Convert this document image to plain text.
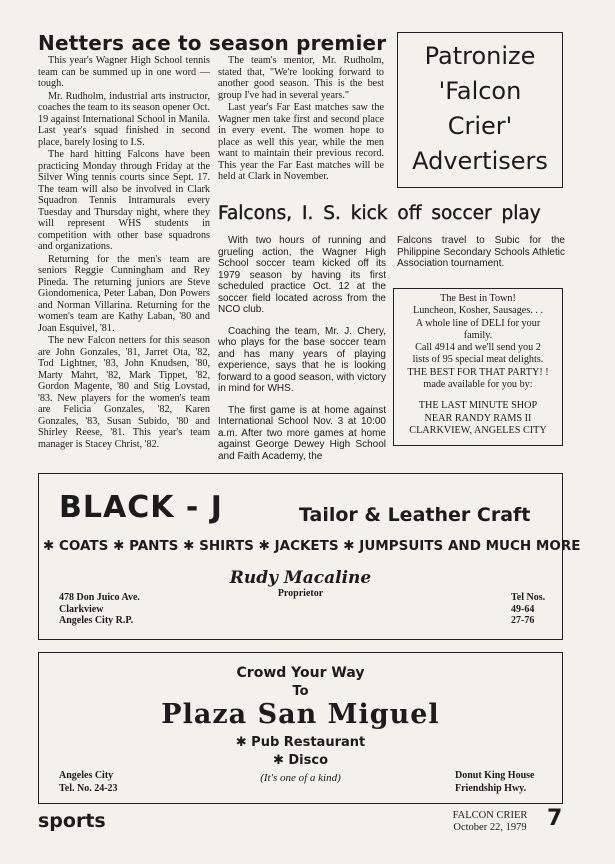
Netters ace to season premier

This year's Wagner High School tennis team can be summed up in one word — tough.

Mr. Rudholm, industrial arts instructor, coaches the team to its season opener Oct. 19 against International School in Manila. Last year's squad finished in second place, barely losing to I.S.

The hard hitting Falcons have been practicing Monday through Friday at the Silver Wing tennis courts since Sept. 17. The team will also be involved in Clark Squadron Tennis Intramurals every Tuesday and Thursday night, where they will represent WHS students in competition with other base squadrons and organizations.

Returning for the men's team are seniors Reggie Cunningham and Rey Pineda. The returning juniors are Steve Giondomenica, Peter Laban, Don Powers and Norman Villarina. Returning for the women's team are Kathy Laban, '80 and Joan Esquivel, '81.

The new Falcon netters for this season are John Gonzales, '81, Jarret Ota, '82, Tod Lightner, '83, John Knudsen, '80, Marty Mahrt, '82, Mark Tippet, '82, Gordon Magente, '80 and Stig Lovstad, '83. New players for the women's team are Felicia Gonzales, '82, Karen Gonzales, '83, Susan Subido, '80 and Shirley Reese, '81. This year's team manager is Stacey Christ, '82.

The team's mentor, Mr. Rudholm, stated that, "We're looking forward to another good season. This is the best group I've had in several years."

Last year's Far East matches saw the Wagner men take first and second place in every event. The women hope to place as well this year, while the men want to maintain their previous record. This year the Far East matches will be held at Clark in November.

Patronize
'Falcon
Crier'
Advertisers
Falcons, I. S. kick off soccer play

With two hours of running and grueling action, the Wagner High School soccer team kicked off its 1979 season by having its first scheduled practice Oct. 12 at the soccer field located across from the NCO club.

Coaching the team, Mr. J. Chery, who plays for the base soccer team and has many years of playing experience, says that he is looking forward to a good season, with victory in mind for WHS.

The first game is at home against International School Nov. 3 at 10:00 a.m. After two more games at home against George Dewey High School and Faith Academy, the

Falcons travel to Subic for the Philippine Secondary Schools Athletic Association tournament.
The Best in Town!
Luncheon, Kosher, Sausages. . .
A whole line of DELI for your
family.
Call 4914 and we'll send you 2
lists of 95 special meat delights.
THE BEST FOR THAT PARTY! !
made available for you by:
THE LAST MINUTE SHOP
NEAR RANDY RAMS II
CLARKVIEW, ANGELES CITY
BLACK - J	Tailor & Leather Craft
✱ COATS ✱ PANTS ✱ SHIRTS ✱ JACKETS ✱ JUMPSUITS AND MUCH MORE
Rudy Macaline
Proprietor
478 Don Juico Ave.
Clarkview
Angeles City R.P.
Tel Nos.
49-64
27-76
Crowd Your Way
To
Plaza San Miguel
✱ Pub Restaurant
✱ Disco
(It's one of a kind)
Angeles City
Tel. No. 24-23
Donut King House
Friendship Hwy.
sports	FALCON CRIER
October 22, 1979 7
